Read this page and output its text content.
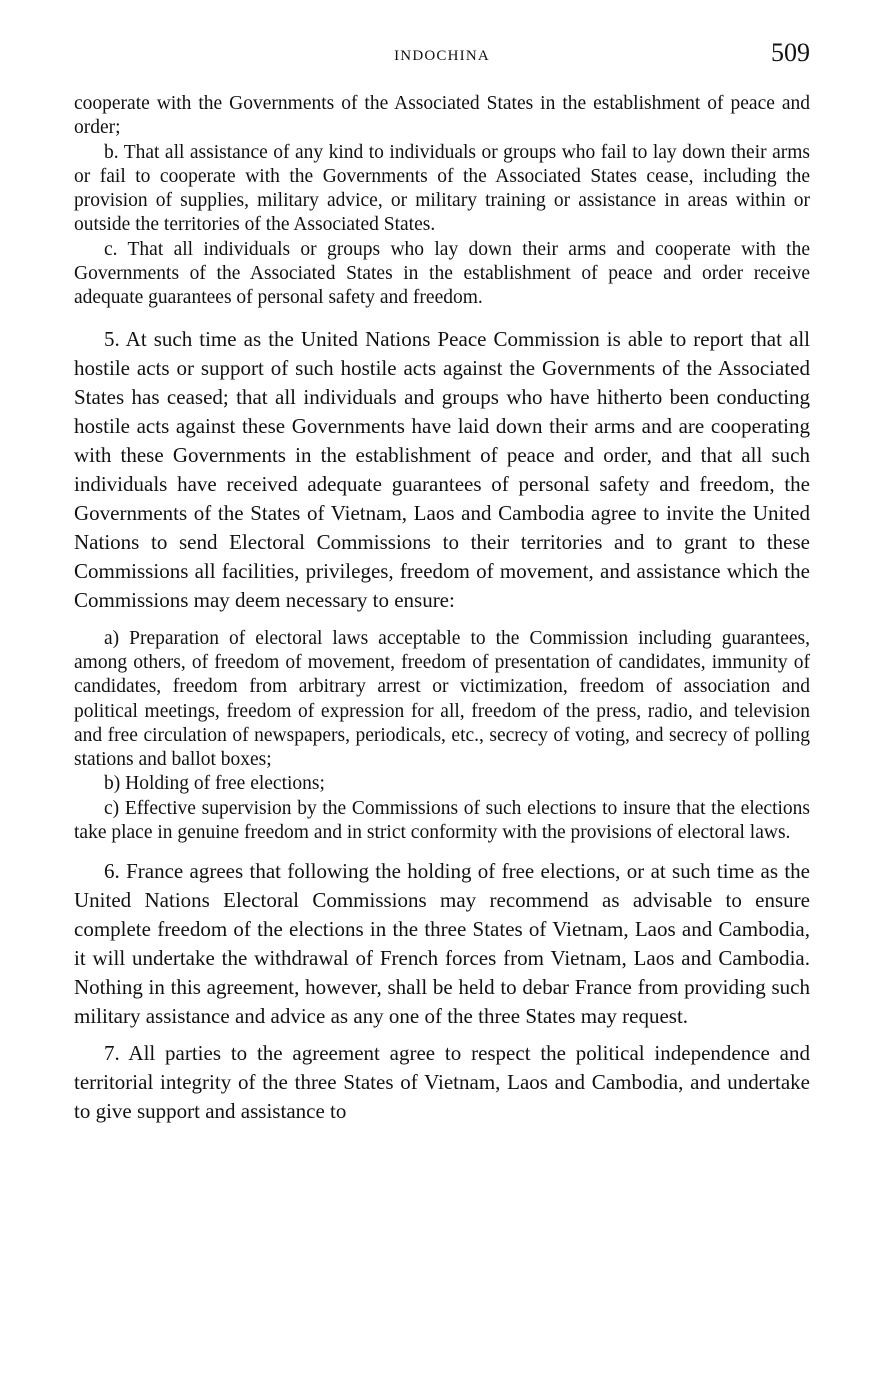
INDOCHINA	509

cooperate with the Governments of the Associated States in the establishment of peace and order;

b. That all assistance of any kind to individuals or groups who fail to lay down their arms or fail to cooperate with the Governments of the Associated States cease, including the provision of supplies, military advice, or military training or assistance in areas within or outside the territories of the Associated States.

c. That all individuals or groups who lay down their arms and cooperate with the Governments of the Associated States in the establishment of peace and order receive adequate guarantees of personal safety and freedom.

5. At such time as the United Nations Peace Commission is able to report that all hostile acts or support of such hostile acts against the Governments of the Associated States has ceased; that all individuals and groups who have hitherto been conducting hostile acts against these Governments have laid down their arms and are cooperating with these Governments in the establishment of peace and order, and that all such individuals have received adequate guarantees of personal safety and freedom, the Governments of the States of Vietnam, Laos and Cambodia agree to invite the United Nations to send Electoral Commissions to their territories and to grant to these Commissions all facilities, privileges, freedom of movement, and assistance which the Commissions may deem necessary to ensure:

a) Preparation of electoral laws acceptable to the Commission including guarantees, among others, of freedom of movement, freedom of presentation of candidates, immunity of candidates, freedom from arbitrary arrest or victimization, freedom of association and political meetings, freedom of expression for all, freedom of the press, radio, and television and free circulation of newspapers, periodicals, etc., secrecy of voting, and secrecy of polling stations and ballot boxes;

b) Holding of free elections;

c) Effective supervision by the Commissions of such elections to insure that the elections take place in genuine freedom and in strict conformity with the provisions of electoral laws.

6. France agrees that following the holding of free elections, or at such time as the United Nations Electoral Commissions may recommend as advisable to ensure complete freedom of the elections in the three States of Vietnam, Laos and Cambodia, it will undertake the withdrawal of French forces from Vietnam, Laos and Cambodia. Nothing in this agreement, however, shall be held to debar France from providing such military assistance and advice as any one of the three States may request.

7. All parties to the agreement agree to respect the political independence and territorial integrity of the three States of Vietnam, Laos and Cambodia, and undertake to give support and assistance to
